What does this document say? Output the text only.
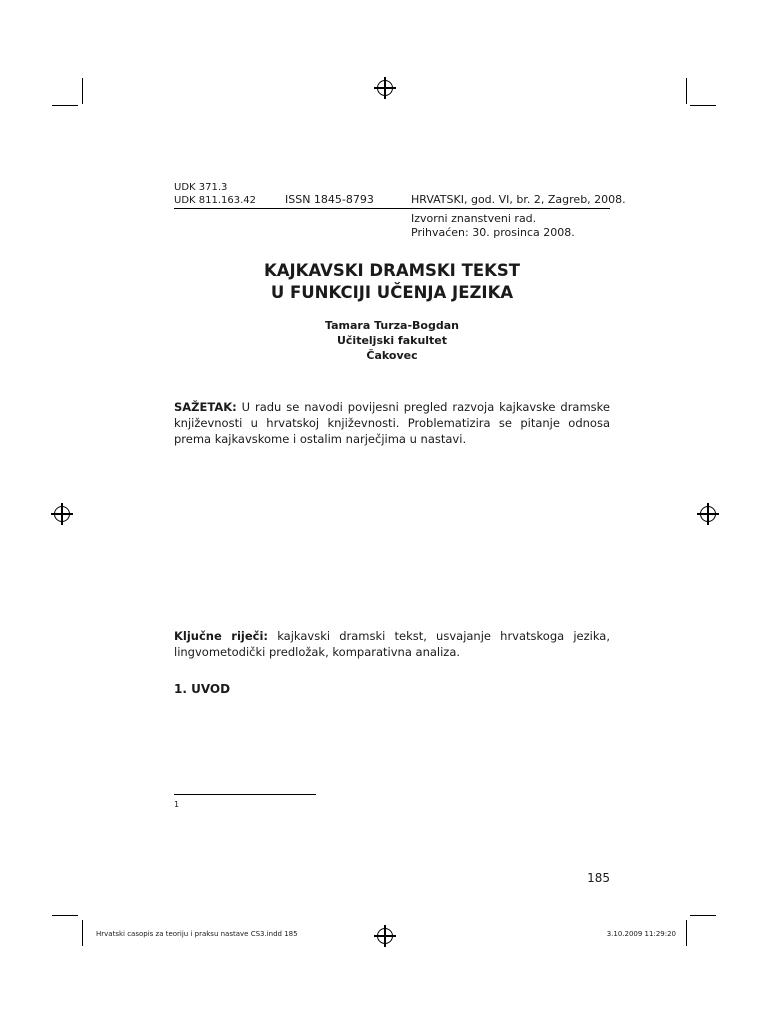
UDK 371.3
UDK 811.163.42	ISSN 1845-8793	HRVATSKI, god. VI, br. 2, Zagreb, 2008.
Izvorni znanstveni rad.
Prihvaćen: 30. prosinca 2008.
KAJKAVSKI DRAMSKI TEKST
U FUNKCIJI UČENJA JEZIKA
Tamara Turza-Bogdan
Učiteljski fakultet
Čakovec
SAŽETAK: U radu se navodi povijesni pregled razvoja kajkavske dramske književnosti u hrvatskoj književnosti. Problematizira se pitanje odnosa prema kajkavskome i ostalim narječjima u nastavi.
Ključne riječi: kajkavski dramski tekst, usvajanje hrvatskoga jezika, lingvometodički predložak, komparativna analiza.
1. UVOD
1
185
Hrvatski casopis za teoriju i praksu nastave CS3.indd 185	3.10.2009 11:29:20
